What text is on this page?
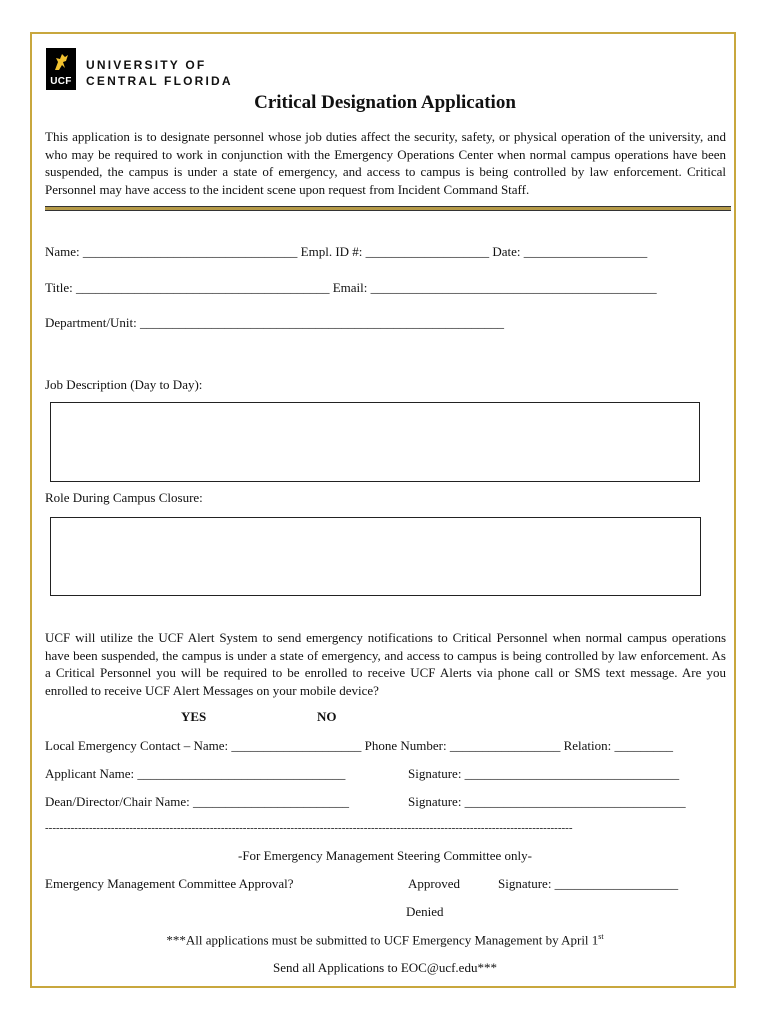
UCF
UNIVERSITY OF
CENTRAL FLORIDA
Critical Designation Application
This application is to designate personnel whose job duties affect the security, safety, or physical operation of the university, and who may be required to work in conjunction with the Emergency Operations Center when normal campus operations have been suspended, the campus is under a state of emergency, and access to campus is being controlled by law enforcement. Critical Personnel may have access to the incident scene upon request from Incident Command Staff.
Name: _________________________________ Empl. ID #: ___________________ Date: ___________________
Title: _______________________________________ Email: ____________________________________________
Department/Unit: ________________________________________________________
Job Description (Day to Day):
Role During Campus Closure:
UCF will utilize the UCF Alert System to send emergency notifications to Critical Personnel when normal campus operations have been suspended, the campus is under a state of emergency, and access to campus is being controlled by law enforcement. As a Critical Personnel you will be required to be enrolled to receive UCF Alerts via phone call or SMS text message. Are you enrolled to receive UCF Alert Messages on your mobile device?
YES	NO
Local Emergency Contact – Name: ____________________ Phone Number: _________________ Relation: _________
Applicant Name: ________________________________	Signature: _________________________________
Dean/Director/Chair Name: ________________________	Signature: __________________________________
------------------------------------------------------------------------------------------------------------------------------------------------
-For Emergency Management Steering Committee only-
Emergency Management Committee Approval?	Approved	Signature: ___________________
Denied
***All applications must be submitted to UCF Emergency Management by April 1st
Send all Applications to EOC@ucf.edu***
